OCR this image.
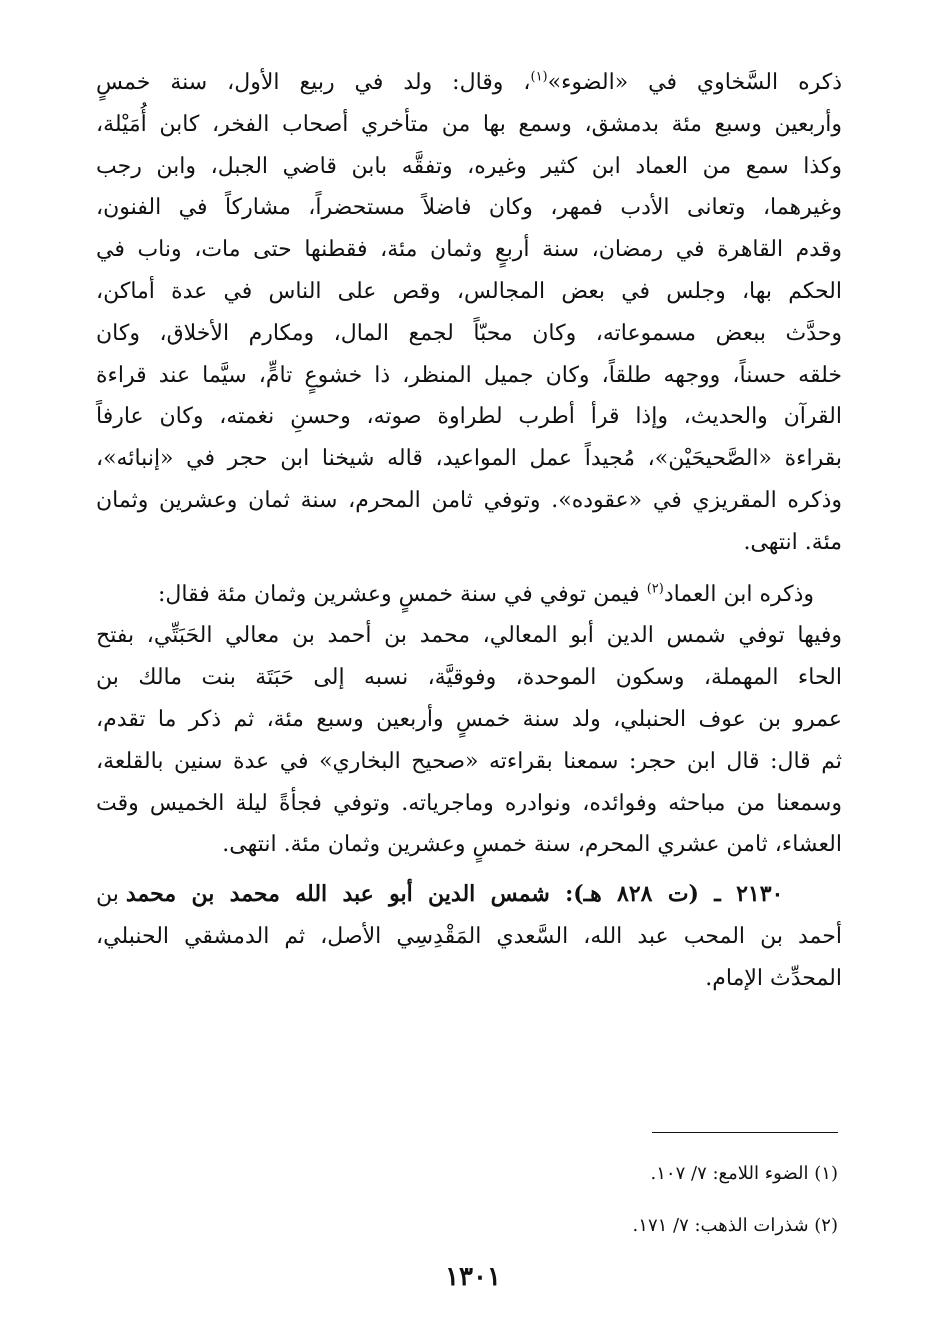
ذكره السَّخاوي في «الضوء»$^{(١)}$، وقال: ولد في ربيع الأول، سنة خمسٍ
وأربعين وسبع مئة بدمشق، وسمع بها من متأخري أصحاب الفخر، كابن أُمَيْلة،
وكذا سمع من العماد ابن كثير وغيره، وتفقَّه بابن قاضي الجبل، وابن رجب
وغيرهما، وتعانى الأدب فمهر، وكان فاضلاً مستحضراً، مشاركاً في الفنون،
وقدم القاهرة في رمضان، سنة أربعٍ وثمان مئة، فقطنها حتى مات، وناب في
الحكم بها، وجلس في بعض المجالس، وقص على الناس في عدة أماكن،
وحدَّث ببعض مسموعاته، وكان محبّاً لجمع المال، ومكارم الأخلاق، وكان
خلقه حسناً، ووجهه طلقاً، وكان جميل المنظر، ذا خشوعٍ تامٍّ، سيَّما عند قراءة
القرآن والحديث، وإذا قرأ أطرب لطراوة صوته، وحسنِ نغمته، وكان عارفاً
بقراءة «الصَّحيحَيْن»، مُجيداً عمل المواعيد، قاله شيخنا ابن حجر في «إنبائه»،
وذكره المقريزي في «عقوده». وتوفي ثامن المحرم، سنة ثمان وعشرين وثمان
مئة. انتهى.

وذكره ابن العماد$^{(٢)}$ فيمن توفي في سنة خمسٍ وعشرين وثمان مئة فقال:
وفيها توفي شمس الدين أبو المعالي، محمد بن أحمد بن معالي الحَبَتِّي، بفتح
الحاء المهملة، وسكون الموحدة، وفوقيَّة، نسبه إلى حَبَتَة بنت مالك بن
عمرو بن عوف الحنبلي، ولد سنة خمسٍ وأربعين وسبع مئة، ثم ذكر ما تقدم،
ثم قال: قال ابن حجر: سمعنا بقراءته «صحيح البخاري» في عدة سنين بالقلعة،
وسمعنا من مباحثه وفوائده، ونوادره وماجرياته. وتوفي فجأةً ليلة الخميس وقت
العشاء، ثامن عشري المحرم، سنة خمسٍ وعشرين وثمان مئة. انتهى.

٢١٣٠ ـ (ت ٨٢٨ هـ): شمس الدين أبو عبد الله محمد بن محمد بن
أحمد بن المحب عبد الله، السَّعدي المَقْدِسِي الأصل، ثم الدمشقي الحنبلي،
المحدِّث الإمام.

(١) الضوء اللامع: ٧/ ١٠٧.
(٢) شذرات الذهب: ٧/ ١٧١.
١٣٠١
